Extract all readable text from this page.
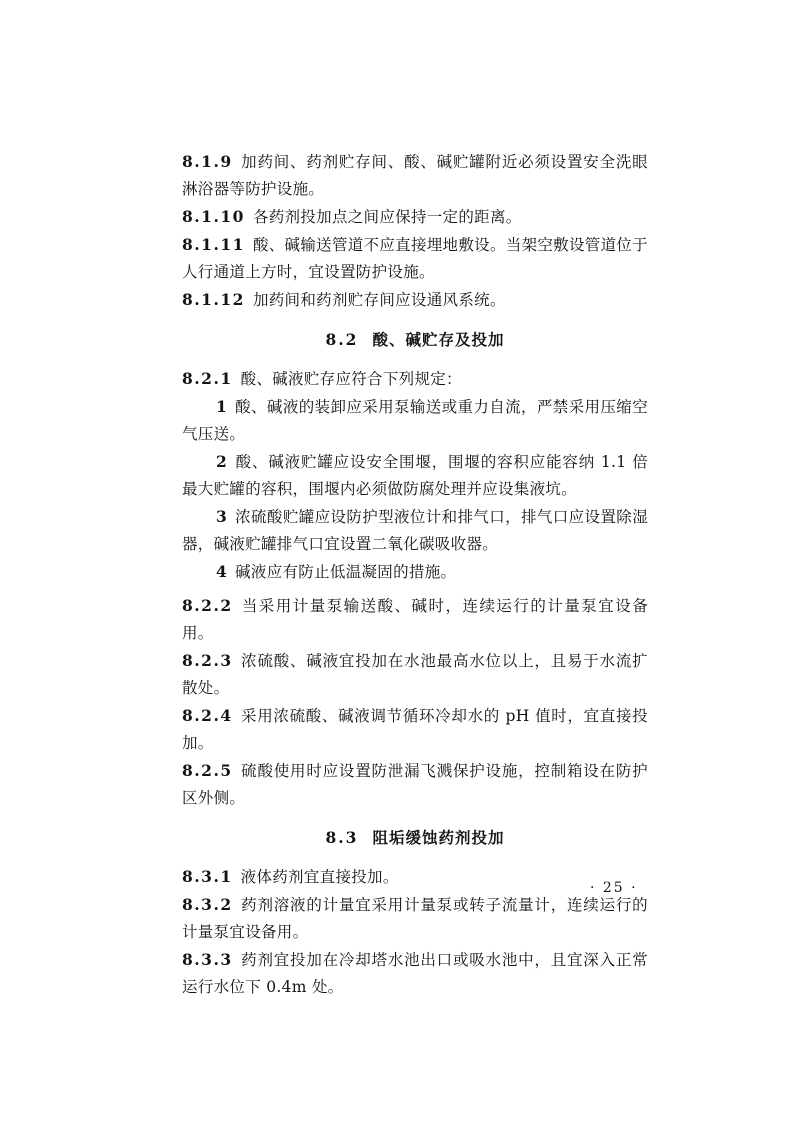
8.1.9 加药间、药剂贮存间、酸、碱贮罐附近必须设置安全洗眼淋浴器等防护设施。

8.1.10 各药剂投加点之间应保持一定的距离。

8.1.11 酸、碱输送管道不应直接埋地敷设。当架空敷设管道位于人行通道上方时，宜设置防护设施。

8.1.12 加药间和药剂贮存间应设通风系统。

8.2 酸、碱贮存及投加

8.2.1 酸、碱液贮存应符合下列规定：

1 酸、碱液的装卸应采用泵输送或重力自流，严禁采用压缩空气压送。

2 酸、碱液贮罐应设安全围堰，围堰的容积应能容纳 1.1 倍最大贮罐的容积，围堰内必须做防腐处理并应设集液坑。

3 浓硫酸贮罐应设防护型液位计和排气口，排气口应设置除湿器，碱液贮罐排气口宜设置二氧化碳吸收器。

4 碱液应有防止低温凝固的措施。

8.2.2 当采用计量泵输送酸、碱时，连续运行的计量泵宜设备用。

8.2.3 浓硫酸、碱液宜投加在水池最高水位以上，且易于水流扩散处。

8.2.4 采用浓硫酸、碱液调节循环冷却水的 pH 值时，宜直接投加。

8.2.5 硫酸使用时应设置防泄漏飞溅保护设施，控制箱设在防护区外侧。

8.3 阻垢缓蚀药剂投加

8.3.1 液体药剂宜直接投加。

8.3.2 药剂溶液的计量宜采用计量泵或转子流量计，连续运行的计量泵宜设备用。

8.3.3 药剂宜投加在冷却塔水池出口或吸水池中，且宜深入正常运行水位下 0.4m 处。

· 25 ·
